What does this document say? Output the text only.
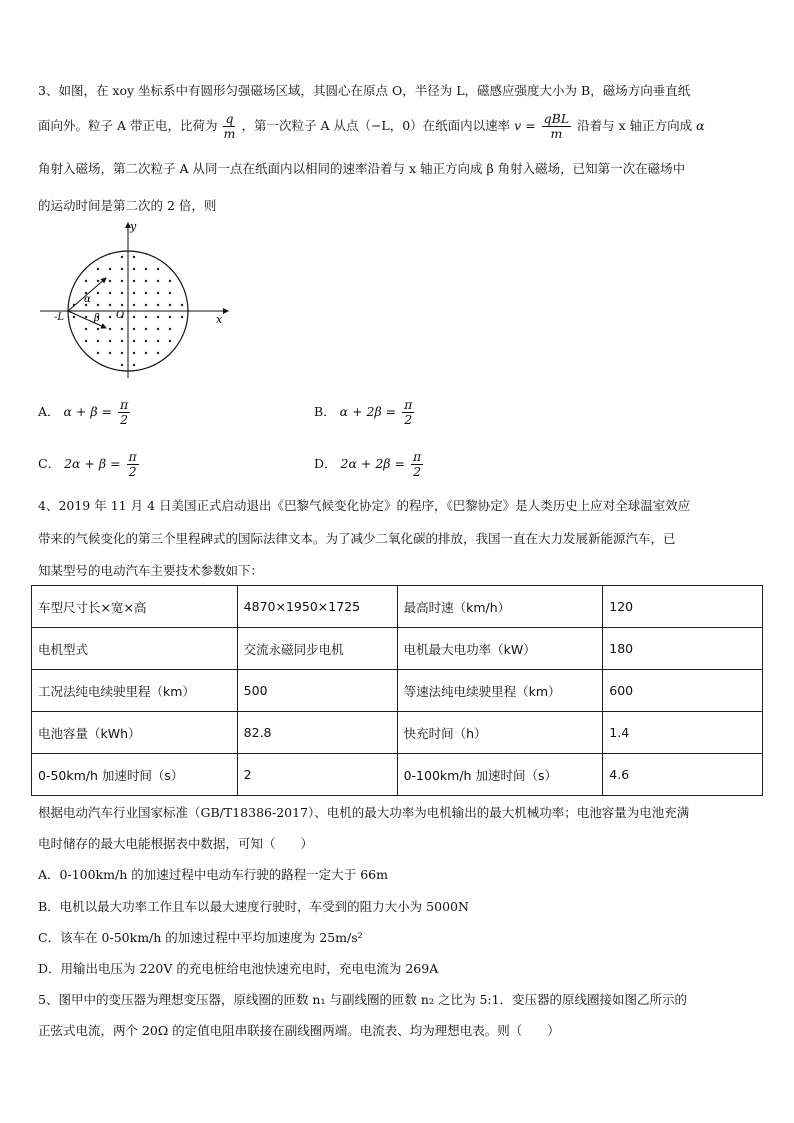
3、如图，在 xoy 坐标系中有圆形匀强磁场区域，其圆心在原点 O，半径为 L，磁感应强度大小为 B，磁场方向垂直纸
面向外。粒子 A 带正电，比荷为 $\frac{q}{m}$ ，第一次粒子 A 从点（−L，0）在纸面内以速率 $v = \frac{\text{qBL}}{m}$ 沿着与 x 轴正方向成 α
角射入磁场，第二次粒子 A 从同一点在纸面内以相同的速率沿着与 x 轴正方向成 β 角射入磁场，已知第一次在磁场中
的运动时间是第二次的 2 倍，则
y
x
O
-L
α
β
A． $\alpha + \beta = \frac{\pi}{2}$	B． $\alpha + 2\beta = \frac{\pi}{2}$
C． $2\alpha + \beta = \frac{\pi}{2}$	D． $2\alpha + 2\beta = \frac{\pi}{2}$
4、2019 年 11 月 4 日美国正式启动退出《巴黎气候变化协定》的程序，《巴黎协定》是人类历史上应对全球温室效应
带来的气候变化的第三个里程碑式的国际法律文本。为了减少二氧化碳的排放，我国一直在大力发展新能源汽车，已
知某型号的电动汽车主要技术参数如下：
车型尺寸长×宽×高	4870×1950×1725	最高时速（km/h）	120
电机型式	交流永磁同步电机	电机最大电功率（kW）	180
工况法纯电续驶里程（km）	500	等速法纯电续驶里程（km）	600
电池容量（kWh）	82.8	快充时间（h）	1.4
0-50km/h 加速时间（s）	2	0-100km/h 加速时间（s）	4.6
根据电动汽车行业国家标准（GB/T18386-2017）、电机的最大功率为电机输出的最大机械功率；电池容量为电池充满
电时储存的最大电能根据表中数据，可知（　　）
A．0-100km/h 的加速过程中电动车行驶的路程一定大于 66m
B．电机以最大功率工作且车以最大速度行驶时，车受到的阻力大小为 5000N
C．该车在 0-50km/h 的加速过程中平均加速度为 25m/s²
D．用输出电压为 220V 的充电桩给电池快速充电时，充电电流为 269A
5、图甲中的变压器为理想变压器，原线圈的匝数 n₁ 与副线圈的匝数 n₂ 之比为 5:1．变压器的原线圈接如图乙所示的
正弦式电流，两个 20Ω 的定值电阻串联接在副线圈两端。电流表、均为理想电表。则（　　）
